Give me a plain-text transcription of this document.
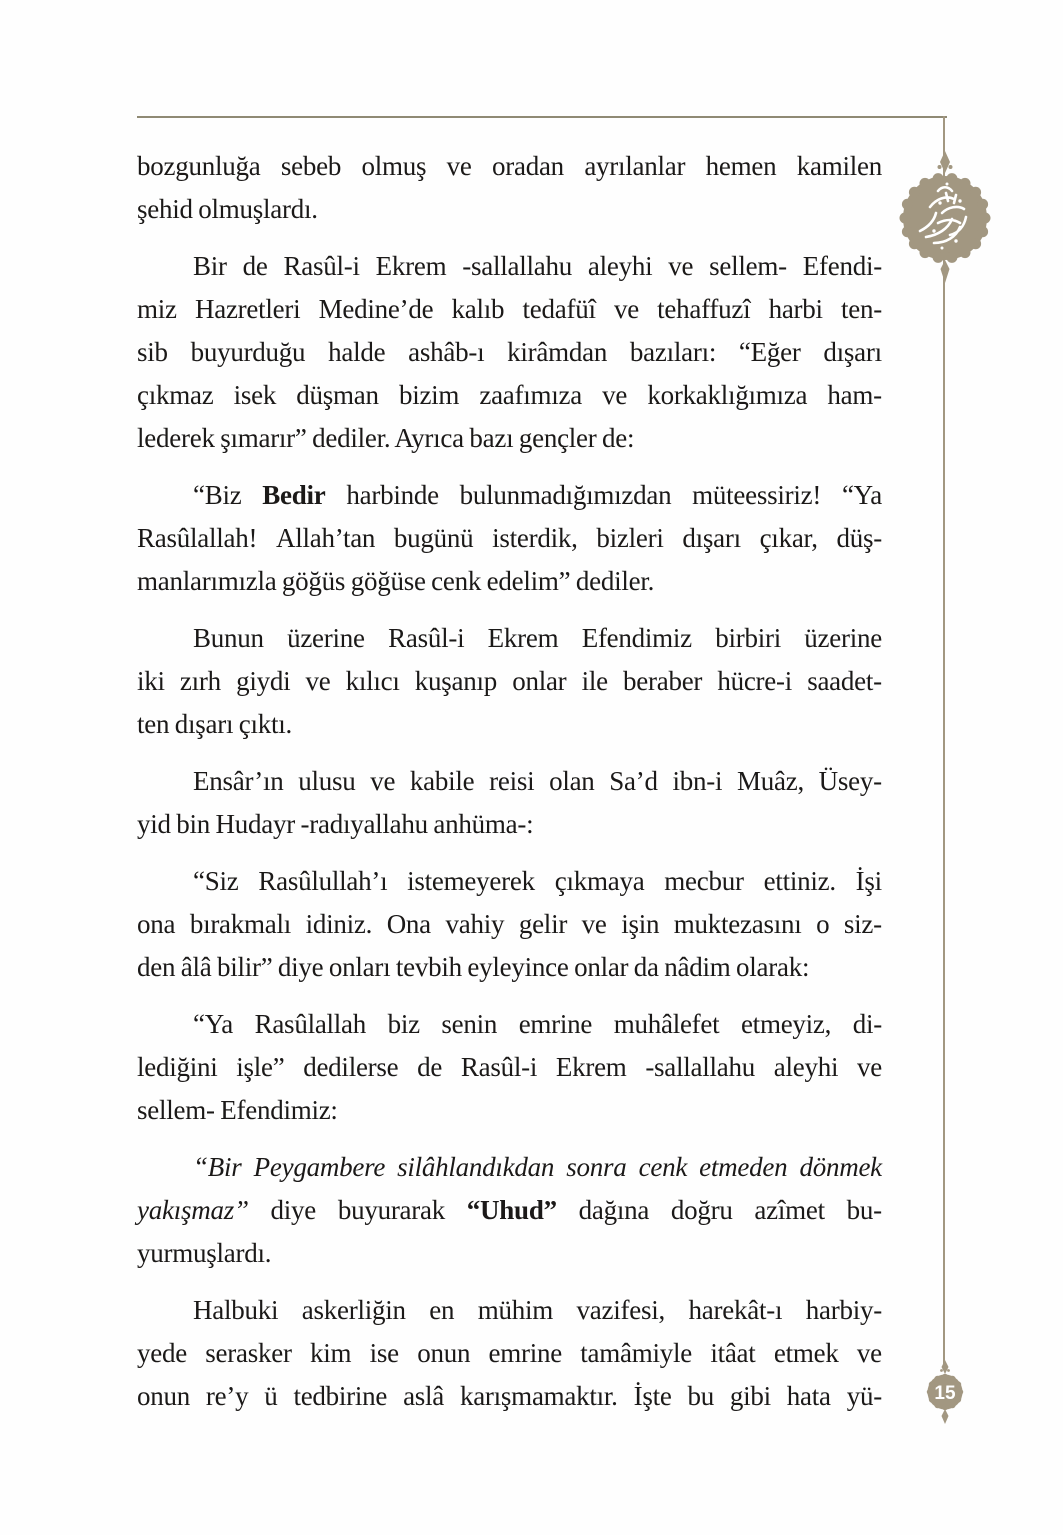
bozgunluğa sebeb olmuş ve oradan ayrılanlar hemen kamilen
şehid olmuşlardı.
Bir de Rasûl-i Ekrem -sallallahu aleyhi ve sellem- Efendi-
miz Hazretleri Medine’de kalıb tedafüî ve tehaffuzî harbi ten-
sib buyurduğu halde ashâb-ı kirâmdan bazıları: “Eğer dışarı
çıkmaz isek düşman bizim zaafımıza ve korkaklığımıza ham-
lederek şımarır” dediler. Ayrıca bazı gençler de:
“Biz Bedir harbinde bulunmadığımızdan müteessiriz! “Ya
Rasûlallah! Allah’tan bugünü isterdik, bizleri dışarı çıkar, düş-
manlarımızla göğüs göğüse cenk edelim” dediler.
Bunun üzerine Rasûl-i Ekrem Efendimiz birbiri üzerine
iki zırh giydi ve kılıcı kuşanıp onlar ile beraber hücre-i saadet-
ten dışarı çıktı.
Ensâr’ın ulusu ve kabile reisi olan Sa’d ibn-i Muâz, Üsey-
yid bin Hudayr -radıyallahu anhüma-:
“Siz Rasûlullah’ı istemeyerek çıkmaya mecbur ettiniz. İşi
ona bırakmalı idiniz. Ona vahiy gelir ve işin muktezasını o siz-
den âlâ bilir” diye onları tevbih eyleyince onlar da nâdim olarak:
“Ya Rasûlallah biz senin emrine muhâlefet etmeyiz, di-
lediğini işle” dedilerse de Rasûl-i Ekrem -sallallahu aleyhi ve
sellem- Efendimiz:
“Bir Peygambere silâhlandıkdan sonra cenk etmeden dönmek
yakışmaz” diye buyurarak “Uhud” dağına doğru azîmet bu-
yurmuşlardı.
Halbuki askerliğin en mühim vazifesi, harekât-ı harbiy-
yede serasker kim ise onun emrine tamâmiyle itâat etmek ve
onun re’y ü tedbirine aslâ karışmamaktır. İşte bu gibi hata yü-	15
